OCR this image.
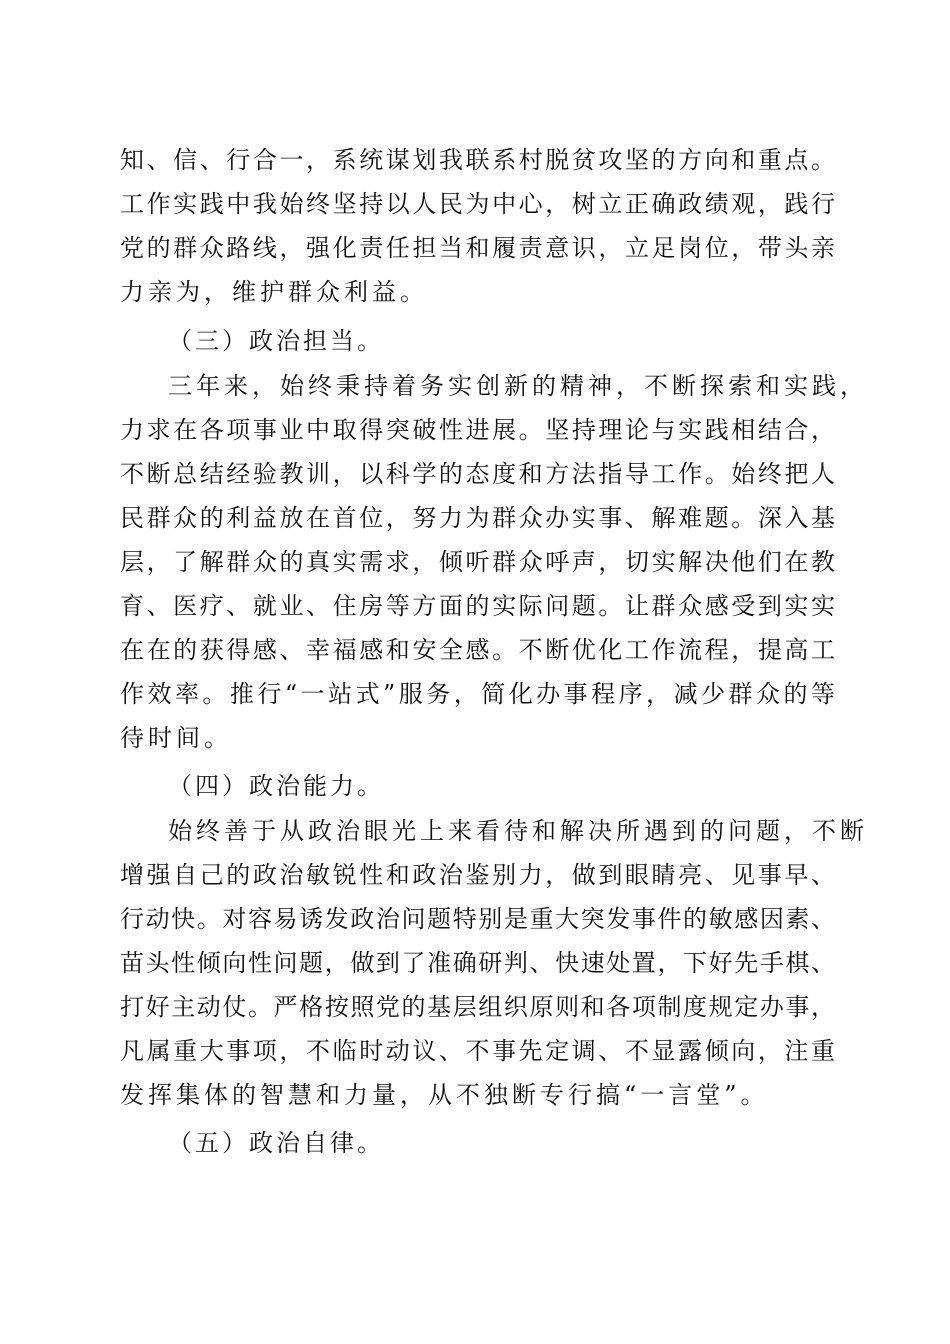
知、信、行合一，系统谋划我联系村脱贫攻坚的方向和重点。
工作实践中我始终坚持以人民为中心，树立正确政绩观，践行
党的群众路线，强化责任担当和履责意识，立足岗位，带头亲
力亲为，维护群众利益。
（三）政治担当。
三年来，始终秉持着务实创新的精神，不断探索和实践，
力求在各项事业中取得突破性进展。坚持理论与实践相结合，
不断总结经验教训，以科学的态度和方法指导工作。始终把人
民群众的利益放在首位，努力为群众办实事、解难题。深入基
层，了解群众的真实需求，倾听群众呼声，切实解决他们在教
育、医疗、就业、住房等方面的实际问题。让群众感受到实实
在在的获得感、幸福感和安全感。不断优化工作流程，提高工
作效率。推行“一站式”服务，简化办事程序，减少群众的等
待时间。
（四）政治能力。
始终善于从政治眼光上来看待和解决所遇到的问题，不断
增强自己的政治敏锐性和政治鉴别力，做到眼睛亮、见事早、
行动快。对容易诱发政治问题特别是重大突发事件的敏感因素、
苗头性倾向性问题，做到了准确研判、快速处置，下好先手棋、
打好主动仗。严格按照党的基层组织原则和各项制度规定办事，
凡属重大事项，不临时动议、不事先定调、不显露倾向，注重
发挥集体的智慧和力量，从不独断专行搞“一言堂”。
（五）政治自律。
